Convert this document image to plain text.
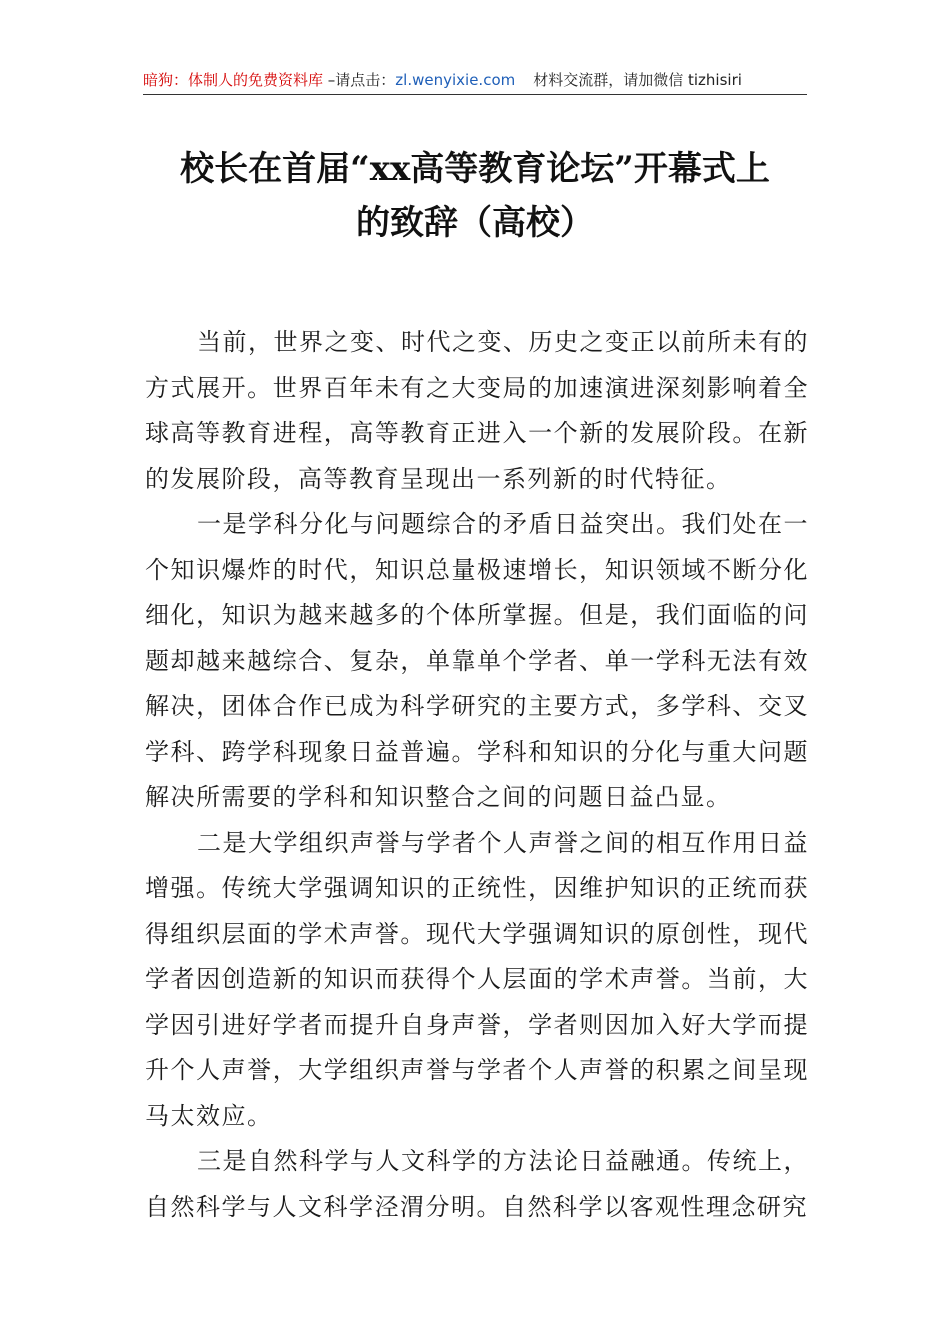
暗狗：体制人的免费资料库 –请点击：zl.wenyixie.com 材料交流群，请加微信 tizhisiri
校长在首届“xx高等教育论坛”开幕式上
的致辞（高校）

当前，世界之变、时代之变、历史之变正以前所未有的方式展开。世界百年未有之大变局的加速演进深刻影响着全球高等教育进程，高等教育正进入一个新的发展阶段。在新的发展阶段，高等教育呈现出一系列新的时代特征。

一是学科分化与问题综合的矛盾日益突出。我们处在一个知识爆炸的时代，知识总量极速增长，知识领域不断分化细化，知识为越来越多的个体所掌握。但是，我们面临的问题却越来越综合、复杂，单靠单个学者、单一学科无法有效解决，团体合作已成为科学研究的主要方式，多学科、交叉学科、跨学科现象日益普遍。学科和知识的分化与重大问题解决所需要的学科和知识整合之间的问题日益凸显。

二是大学组织声誉与学者个人声誉之间的相互作用日益增强。传统大学强调知识的正统性，因维护知识的正统而获得组织层面的学术声誉。现代大学强调知识的原创性，现代学者因创造新的知识而获得个人层面的学术声誉。当前，大学因引进好学者而提升自身声誉，学者则因加入好大学而提升个人声誉，大学组织声誉与学者个人声誉的积累之间呈现马太效应。

三是自然科学与人文科学的方法论日益融通。传统上，自然科学与人文科学泾渭分明。自然科学以客观性理念研究
